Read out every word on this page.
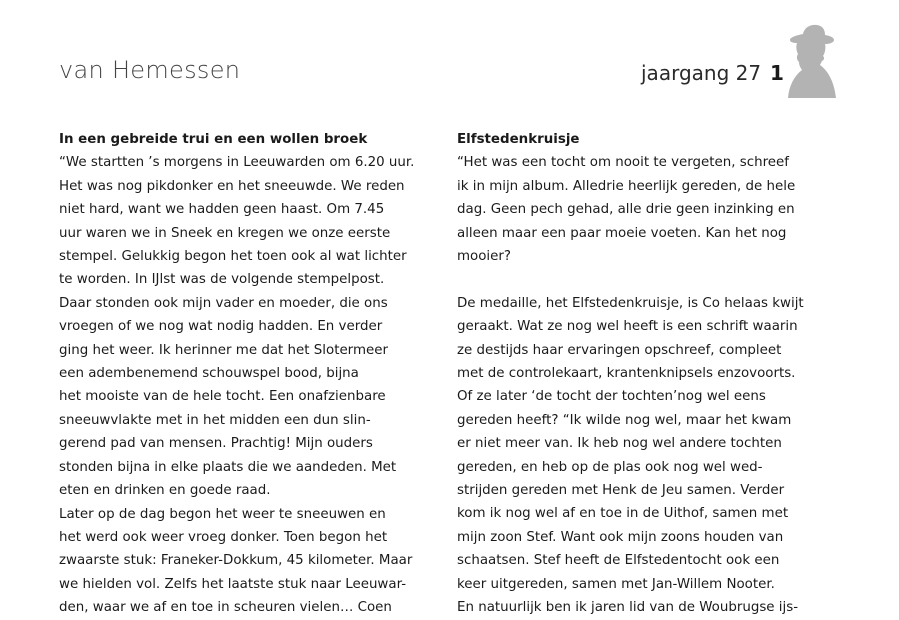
van Hemessen	jaargang 27 1
In een gebreide trui en een wollen broek
“We startten ’s morgens in Leeuwarden om 6.20 uur.
Het was nog pikdonker en het sneeuwde. We reden
niet hard, want we hadden geen haast. Om 7.45
uur waren we in Sneek en kregen we onze eerste
stempel. Gelukkig begon het toen ook al wat lichter
te worden. In IJlst was de volgende stempelpost.
Daar stonden ook mijn vader en moeder, die ons
vroegen of we nog wat nodig hadden. En verder
ging het weer. Ik herinner me dat het Slotermeer
een adembenemend schouwspel bood, bijna
het mooiste van de hele tocht. Een onafzienbare
sneeuwvlakte met in het midden een dun slin-
gerend pad van mensen. Prachtig! Mijn ouders
stonden bijna in elke plaats die we aandeden. Met
eten en drinken en goede raad.
Later op de dag begon het weer te sneeuwen en
het werd ook weer vroeg donker. Toen begon het
zwaarste stuk: Franeker-Dokkum, 45 kilometer. Maar
we hielden vol. Zelfs het laatste stuk naar Leeuwar-
den, waar we af en toe in scheuren vielen… Coen
Elfstedenkruisje
“Het was een tocht om nooit te vergeten, schreef
ik in mijn album. Alledrie heerlijk gereden, de hele
dag. Geen pech gehad, alle drie geen inzinking en
alleen maar een paar moeie voeten. Kan het nog
mooier?
De medaille, het Elfstedenkruisje, is Co helaas kwijt
geraakt. Wat ze nog wel heeft is een schrift waarin
ze destijds haar ervaringen opschreef, compleet
met de controlekaart, krantenknipsels enzovoorts.
Of ze later ‘de tocht der tochten’nog wel eens
gereden heeft? “Ik wilde nog wel, maar het kwam
er niet meer van. Ik heb nog wel andere tochten
gereden, en heb op de plas ook nog wel wed-
strijden gereden met Henk de Jeu samen. Verder
kom ik nog wel af en toe in de Uithof, samen met
mijn zoon Stef. Want ook mijn zoons houden van
schaatsen. Stef heeft de Elfstedentocht ook een
keer uitgereden, samen met Jan-Willem Nooter.
En natuurlijk ben ik jaren lid van de Woubrugse ijs-
